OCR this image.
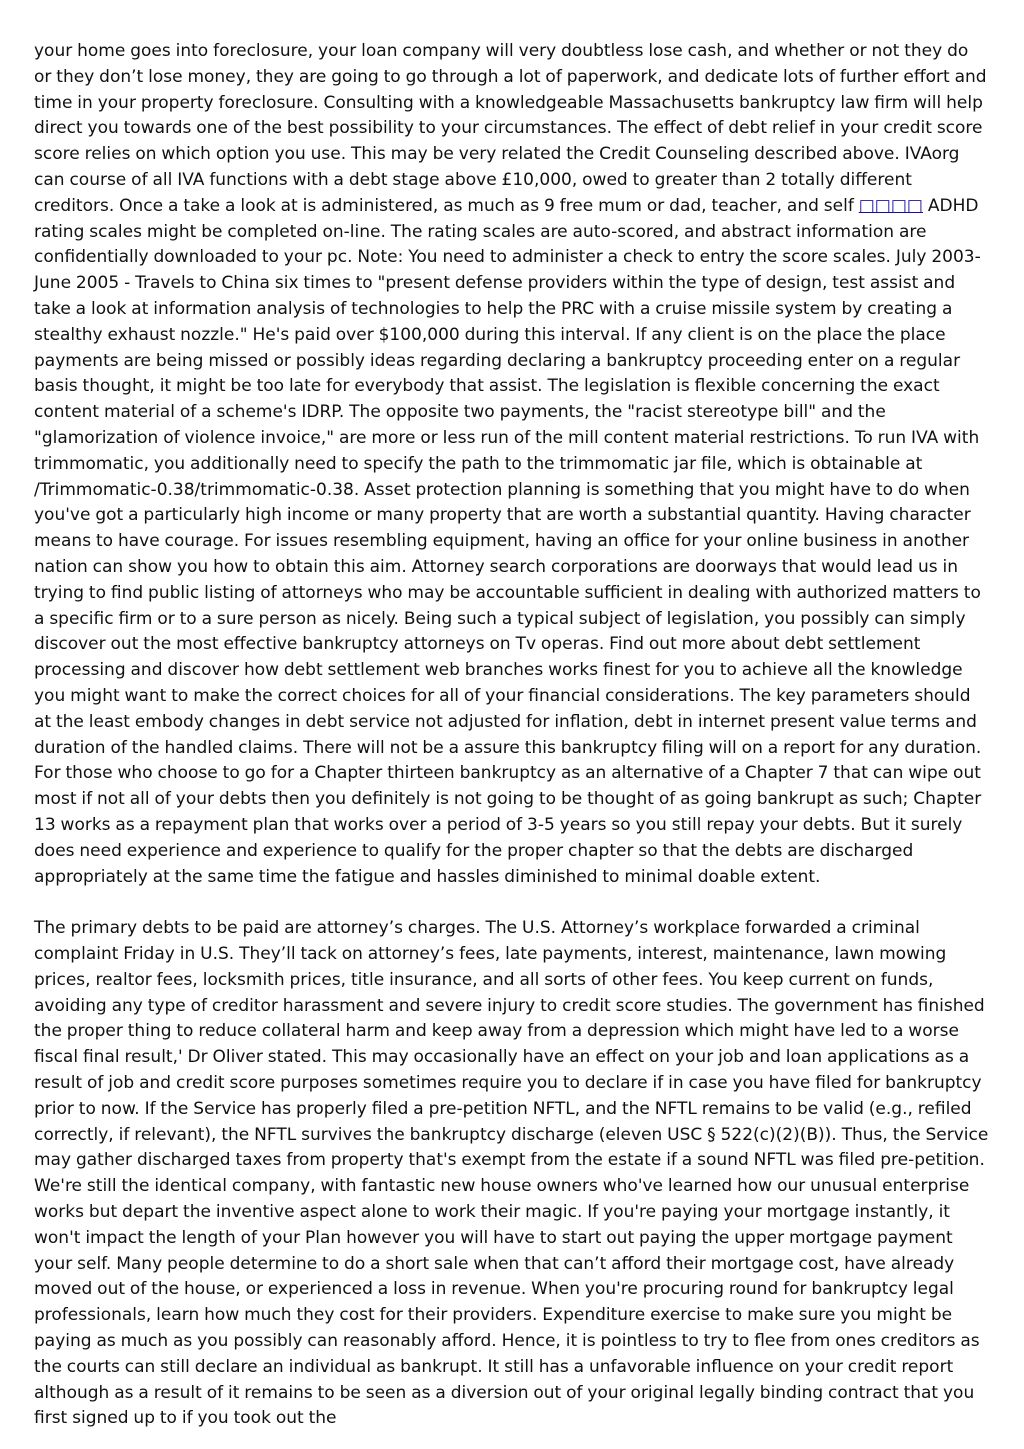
your home goes into foreclosure, your loan company will very doubtless lose cash, and whether or not they do or they don’t lose money, they are going to go through a lot of paperwork, and dedicate lots of further effort and time in your property foreclosure. Consulting with a knowledgeable Massachusetts bankruptcy law firm will help direct you towards one of the best possibility to your circumstances. The effect of debt relief in your credit score score relies on which option you use. This may be very related the Credit Counseling described above. IVAorg can course of all IVA functions with a debt stage above £10,000, owed to greater than 2 totally different creditors. Once a take a look at is administered, as much as 9 free mum or dad, teacher, and self □□□□ ADHD rating scales might be completed on-line. The rating scales are auto-scored, and abstract information are confidentially downloaded to your pc. Note: You need to administer a check to entry the score scales. July 2003-June 2005 - Travels to China six times to "present defense providers within the type of design, test assist and take a look at information analysis of technologies to help the PRC with a cruise missile system by creating a stealthy exhaust nozzle." He's paid over $100,000 during this interval. If any client is on the place the place payments are being missed or possibly ideas regarding declaring a bankruptcy proceeding enter on a regular basis thought, it might be too late for everybody that assist. The legislation is flexible concerning the exact content material of a scheme's IDRP. The opposite two payments, the "racist stereotype bill" and the "glamorization of violence invoice," are more or less run of the mill content material restrictions. To run IVA with trimmomatic, you additionally need to specify the path to the trimmomatic jar file, which is obtainable at /Trimmomatic-0.38/trimmomatic-0.38. Asset protection planning is something that you might have to do when you've got a particularly high income or many property that are worth a substantial quantity. Having character means to have courage. For issues resembling equipment, having an office for your online business in another nation can show you how to obtain this aim. Attorney search corporations are doorways that would lead us in trying to find public listing of attorneys who may be accountable sufficient in dealing with authorized matters to a specific firm or to a sure person as nicely. Being such a typical subject of legislation, you possibly can simply discover out the most effective bankruptcy attorneys on Tv operas. Find out more about debt settlement processing and discover how debt settlement web branches works finest for you to achieve all the knowledge you might want to make the correct choices for all of your financial considerations. The key parameters should at the least embody changes in debt service not adjusted for inflation, debt in internet present value terms and duration of the handled claims. There will not be a assure this bankruptcy filing will on a report for any duration. For those who choose to go for a Chapter thirteen bankruptcy as an alternative of a Chapter 7 that can wipe out most if not all of your debts then you definitely is not going to be thought of as going bankrupt as such; Chapter 13 works as a repayment plan that works over a period of 3-5 years so you still repay your debts. But it surely does need experience and experience to qualify for the proper chapter so that the debts are discharged appropriately at the same time the fatigue and hassles diminished to minimal doable extent.

The primary debts to be paid are attorney’s charges. The U.S. Attorney’s workplace forwarded a criminal complaint Friday in U.S. They’ll tack on attorney’s fees, late payments, interest, maintenance, lawn mowing prices, realtor fees, locksmith prices, title insurance, and all sorts of other fees. You keep current on funds, avoiding any type of creditor harassment and severe injury to credit score studies. The government has finished the proper thing to reduce collateral harm and keep away from a depression which might have led to a worse fiscal final result,' Dr Oliver stated. This may occasionally have an effect on your job and loan applications as a result of job and credit score purposes sometimes require you to declare if in case you have filed for bankruptcy prior to now. If the Service has properly filed a pre-petition NFTL, and the NFTL remains to be valid (e.g., refiled correctly, if relevant), the NFTL survives the bankruptcy discharge (eleven USC § 522(c)(2)(B)). Thus, the Service may gather discharged taxes from property that's exempt from the estate if a sound NFTL was filed pre-petition. We're still the identical company, with fantastic new house owners who've learned how our unusual enterprise works but depart the inventive aspect alone to work their magic. If you're paying your mortgage instantly, it won't impact the length of your Plan however you will have to start out paying the upper mortgage payment your self. Many people determine to do a short sale when that can’t afford their mortgage cost, have already moved out of the house, or experienced a loss in revenue. When you're procuring round for bankruptcy legal professionals, learn how much they cost for their providers. Expenditure exercise to make sure you might be paying as much as you possibly can reasonably afford. Hence, it is pointless to try to flee from ones creditors as the courts can still declare an individual as bankrupt. It still has a unfavorable influence on your credit report although as a result of it remains to be seen as a diversion out of your original legally binding contract that you first signed up to if you took out the
